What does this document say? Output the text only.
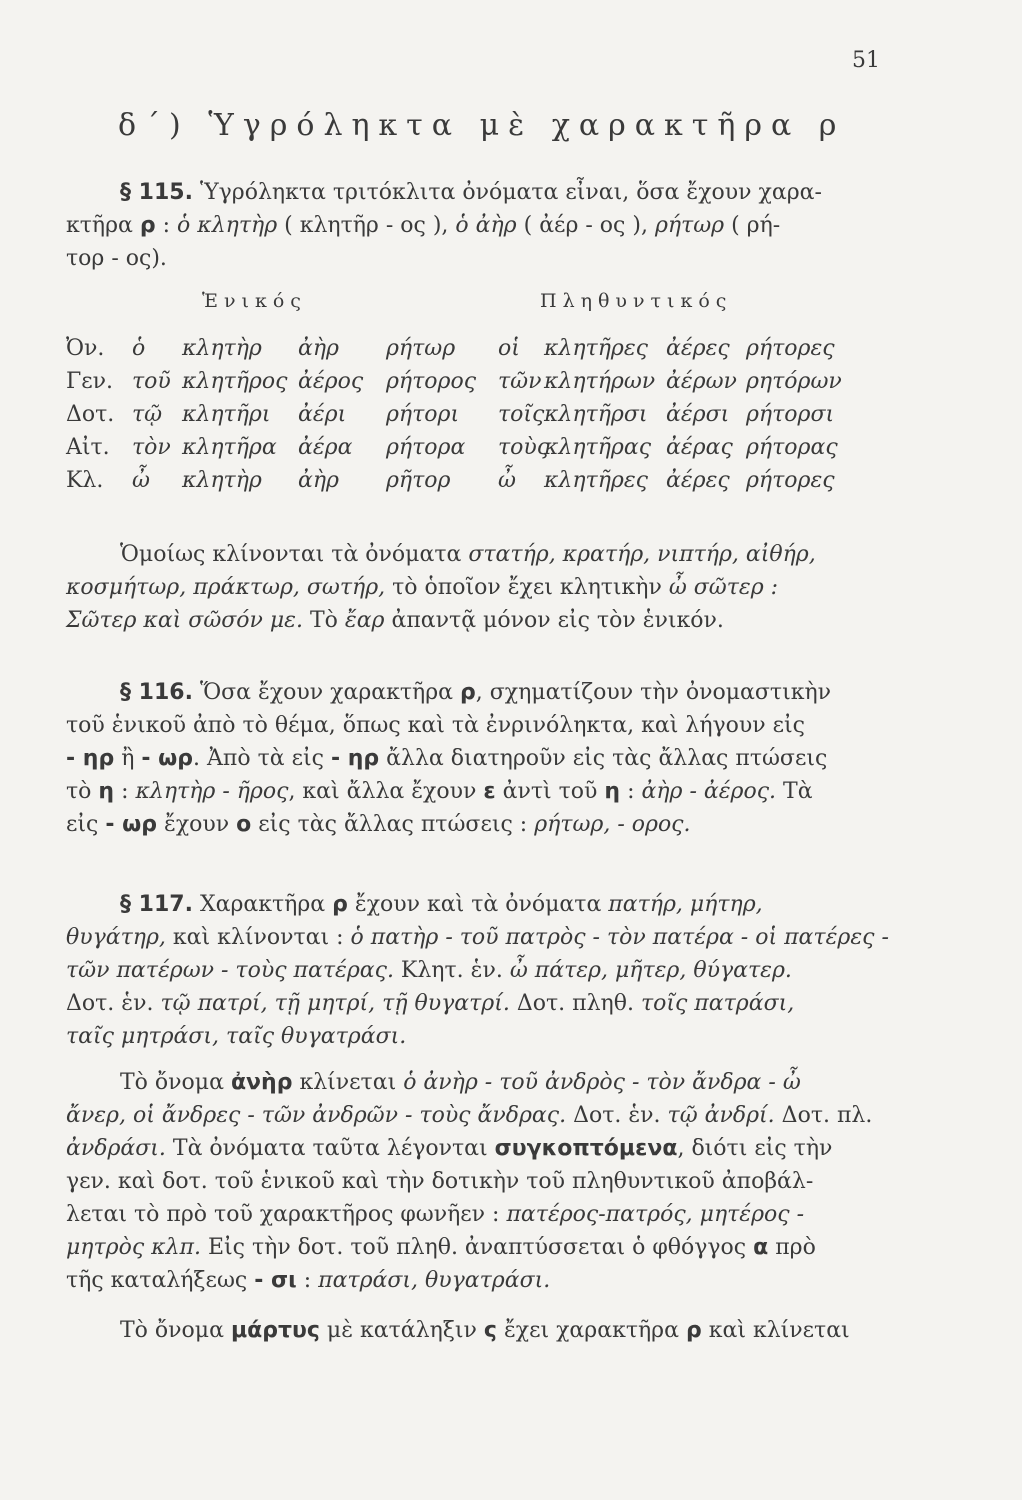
51
δ΄) Ὑγρόληκτα μὲ χαρακτῆρα ρ
§ 115. Ὑγρόληκτα τριτόκλιτα ὀνόματα εἶναι, ὅσα ἔχουν χαρα-
κτῆρα ρ : ὁ κλητὴρ ( κλητῆρ - ος ), ὁ ἀὴρ ( ἀέρ - ος ), ρήτωρ ( ρή-
τορ - ος).
Ἑνικός	Πληθυντικός
Ὀν. ὁ κλητὴρ ἀὴρ ρήτωρ οἱ κλητῆρες ἀέρες ρήτορες
Γεν. τοῦ κλητῆρος ἀέρος ρήτορος τῶν κλητήρων ἀέρων ρητόρων
Δοτ. τῷ κλητῆρι ἀέρι ρήτορι τοῖς κλητῆρσι ἀέρσι ρήτορσι
Αἰτ. τὸν κλητῆρα ἀέρα ρήτορα τοὺς
κλητῆρας ἀέρας ρήτορας
Κλ. ὦ κλητὴρ ἀὴρ ρῆτορ ὦ κλητῆρες ἀέρες ρήτορες
Ὁμοίως κλίνονται τὰ ὀνόματα στατήρ, κρατήρ, νιπτήρ, αἰθήρ,
κοσμήτωρ, πράκτωρ, σωτήρ, τὸ ὁποῖον ἔχει κλητικὴν ὦ σῶτερ :
Σῶτερ καὶ σῶσόν με. Τὸ ἔαρ ἀπαντᾷ μόνον εἰς τὸν ἑνικόν.
§ 116. Ὅσα ἔχουν χαρακτῆρα ρ, σχηματίζουν τὴν ὀνομαστικὴν
τοῦ ἑνικοῦ ἀπὸ τὸ θέμα, ὅπως καὶ τὰ ἐνρινόληκτα, καὶ λήγουν εἰς
- ηρ ἢ - ωρ. Ἀπὸ τὰ εἰς - ηρ ἄλλα διατηροῦν εἰς τὰς ἄλλας πτώσεις
τὸ η : κλητὴρ - ῆρος, καὶ ἄλλα ἔχουν ε ἀντὶ τοῦ η : ἀὴρ - ἀέρος. Τὰ
εἰς - ωρ ἔχουν ο εἰς τὰς ἄλλας πτώσεις : ρήτωρ, - ορος.
§ 117. Χαρακτῆρα ρ ἔχουν καὶ τὰ ὀνόματα πατήρ, μήτηρ,
θυγάτηρ, καὶ κλίνονται : ὁ πατὴρ - τοῦ πατρὸς - τὸν πατέρα - οἱ πατέρες -
τῶν πατέρων - τοὺς πατέρας. Κλητ. ἑν. ὦ πάτερ, μῆτερ, θύγατερ.
Δοτ. ἑν. τῷ πατρί, τῇ μητρί, τῇ θυγατρί. Δοτ. πληθ. τοῖς πατράσι,
ταῖς μητράσι, ταῖς θυγατράσι.
Τὸ ὄνομα ἀνὴρ κλίνεται ὁ ἀνὴρ - τοῦ ἀνδρὸς - τὸν ἄνδρα - ὦ
ἄνερ, οἱ ἄνδρες - τῶν ἀνδρῶν - τοὺς ἄνδρας. Δοτ. ἑν. τῷ ἀνδρί. Δοτ. πλ.
ἀνδράσι. Τὰ ὀνόματα ταῦτα λέγονται συγκοπτόμενα, διότι εἰς τὴν
γεν. καὶ δοτ. τοῦ ἑνικοῦ καὶ τὴν δοτικὴν τοῦ πληθυντικοῦ ἀποβάλ-
λεται τὸ πρὸ τοῦ χαρακτῆρος φωνῆεν : πατέρος-πατρός, μητέρος -
μητρὸς κλπ. Εἰς τὴν δοτ. τοῦ πληθ. ἀναπτύσσεται ὁ φθόγγος α πρὸ
τῆς καταλήξεως - σι : πατράσι, θυγατράσι.
Τὸ ὄνομα μάρτυς μὲ κατάληξιν ς ἔχει χαρακτῆρα ρ καὶ κλίνεται
